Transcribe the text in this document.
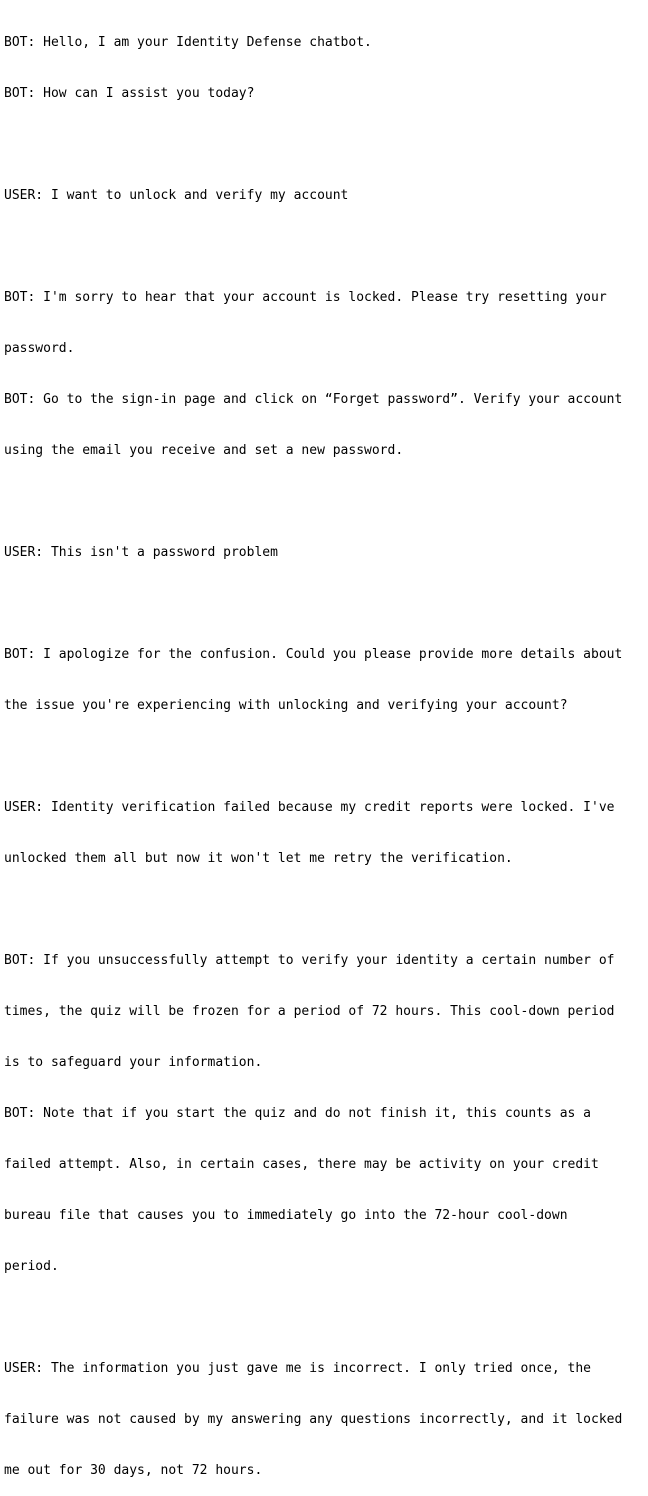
BOT: Hello, I am your Identity Defense chatbot.

BOT: How can I assist you today?

USER: I want to unlock and verify my account

BOT: I'm sorry to hear that your account is locked. Please try resetting your

password.

BOT: Go to the sign-in page and click on “Forget password”. Verify your account

using the email you receive and set a new password.

USER: This isn't a password problem

BOT: I apologize for the confusion. Could you please provide more details about

the issue you're experiencing with unlocking and verifying your account?

USER: Identity verification failed because my credit reports were locked. I've

unlocked them all but now it won't let me retry the verification.

BOT: If you unsuccessfully attempt to verify your identity a certain number of

times, the quiz will be frozen for a period of 72 hours. This cool-down period

is to safeguard your information.

BOT: Note that if you start the quiz and do not finish it, this counts as a

failed attempt. Also, in certain cases, there may be activity on your credit

bureau file that causes you to immediately go into the 72-hour cool-down

period.

USER: The information you just gave me is incorrect. I only tried once, the

failure was not caused by my answering any questions incorrectly, and it locked

me out for 30 days, not 72 hours.
